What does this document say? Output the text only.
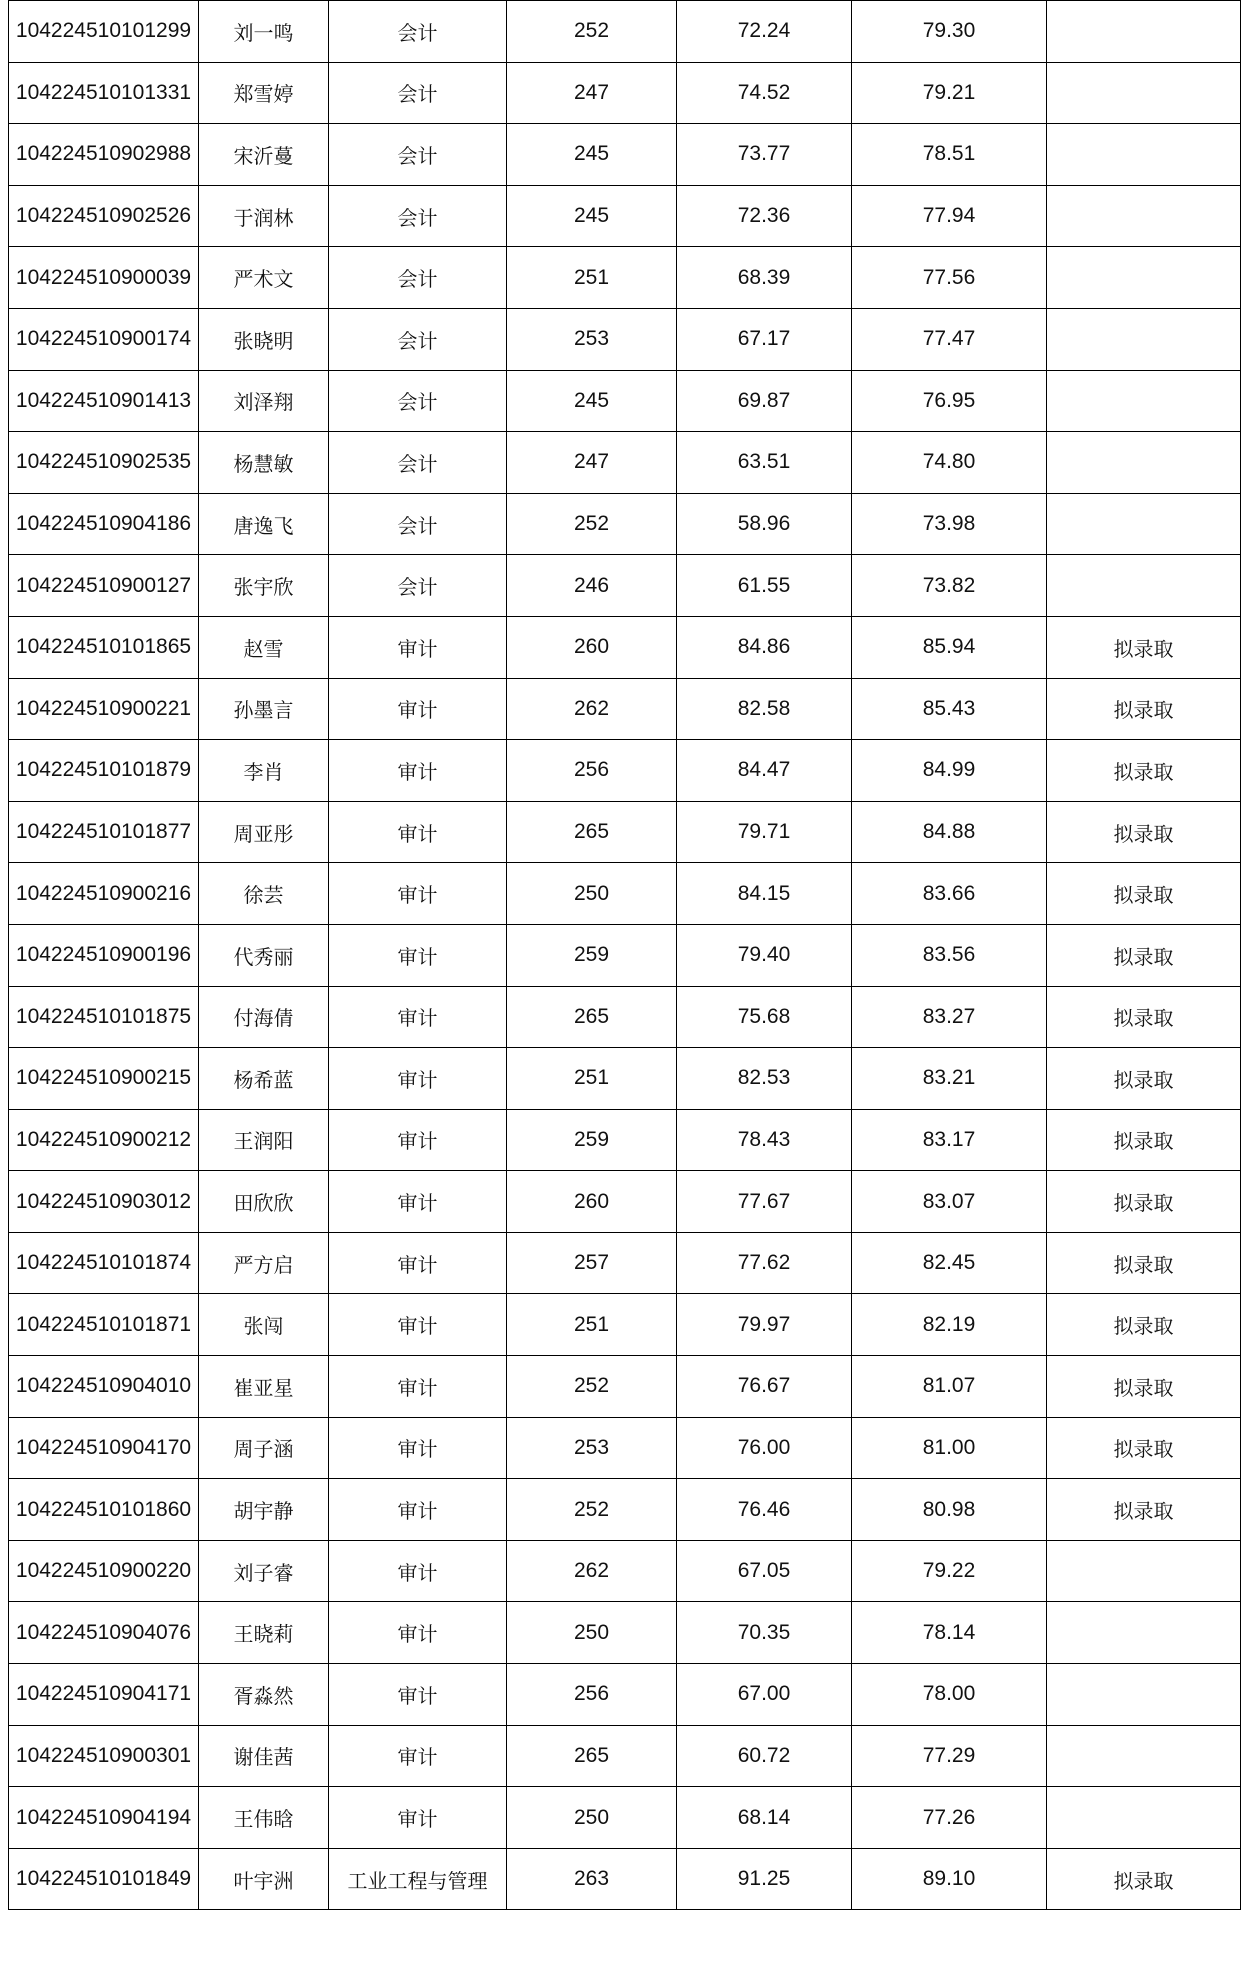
104224510101299	刘一鸣	会计	252	72.24	79.30	
104224510101331	郑雪婷	会计	247	74.52	79.21	
104224510902988	宋沂蔓	会计	245	73.77	78.51	
104224510902526	于润林	会计	245	72.36	77.94	
104224510900039	严术文	会计	251	68.39	77.56	
104224510900174	张晓明	会计	253	67.17	77.47	
104224510901413	刘泽翔	会计	245	69.87	76.95	
104224510902535	杨慧敏	会计	247	63.51	74.80	
104224510904186	唐逸飞	会计	252	58.96	73.98	
104224510900127	张宇欣	会计	246	61.55	73.82	
104224510101865	赵雪	审计	260	84.86	85.94	拟录取
104224510900221	孙墨言	审计	262	82.58	85.43	拟录取
104224510101879	李肖	审计	256	84.47	84.99	拟录取
104224510101877	周亚彤	审计	265	79.71	84.88	拟录取
104224510900216	徐芸	审计	250	84.15	83.66	拟录取
104224510900196	代秀丽	审计	259	79.40	83.56	拟录取
104224510101875	付海倩	审计	265	75.68	83.27	拟录取
104224510900215	杨希蓝	审计	251	82.53	83.21	拟录取
104224510900212	王润阳	审计	259	78.43	83.17	拟录取
104224510903012	田欣欣	审计	260	77.67	83.07	拟录取
104224510101874	严方启	审计	257	77.62	82.45	拟录取
104224510101871	张闯	审计	251	79.97	82.19	拟录取
104224510904010	崔亚星	审计	252	76.67	81.07	拟录取
104224510904170	周子涵	审计	253	76.00	81.00	拟录取
104224510101860	胡宇静	审计	252	76.46	80.98	拟录取
104224510900220	刘子睿	审计	262	67.05	79.22	
104224510904076	王晓莉	审计	250	70.35	78.14	
104224510904171	胥淼然	审计	256	67.00	78.00	
104224510900301	谢佳茜	审计	265	60.72	77.29	
104224510904194	王伟晗	审计	250	68.14	77.26	
104224510101849	叶宇洲	工业工程与管理	263	91.25	89.10	拟录取
